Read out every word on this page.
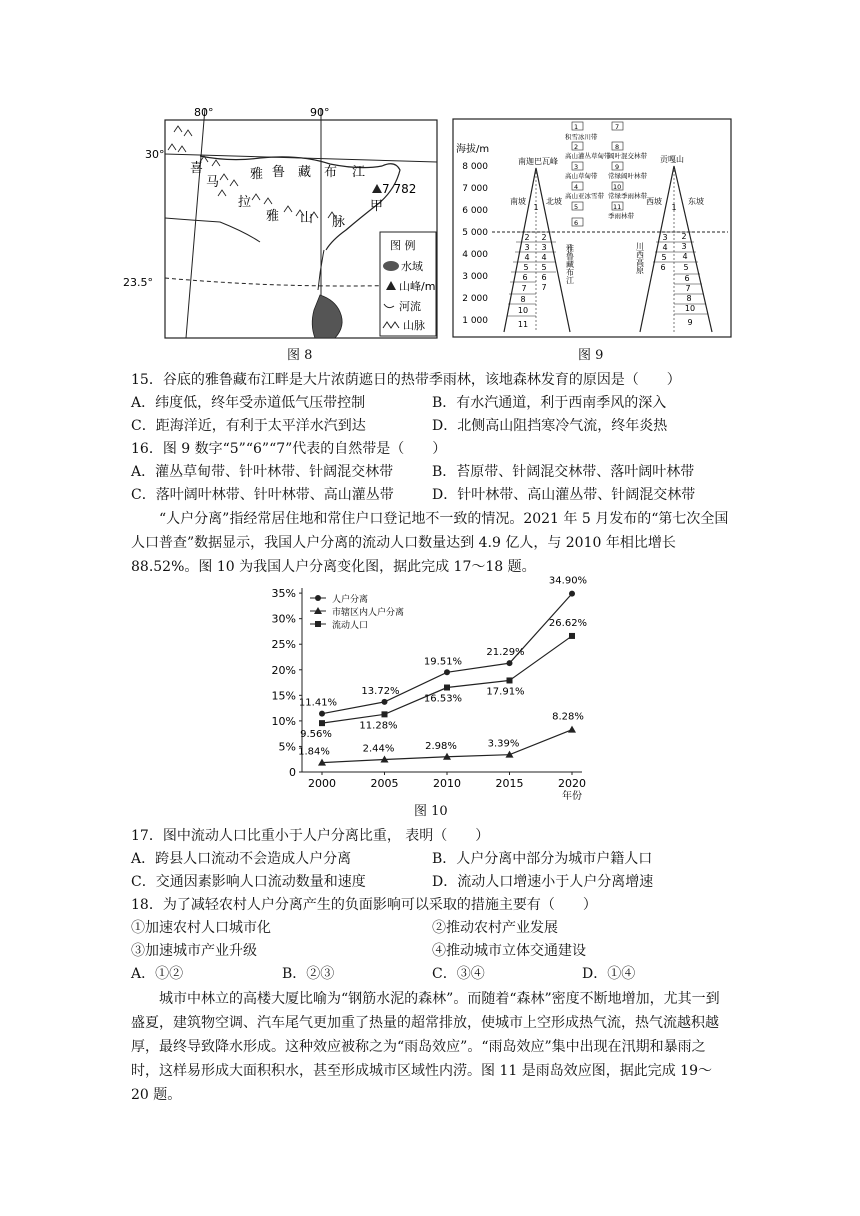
80°	90°
30°
23.5°
雅 鲁 藏 布 江
喜
马
拉
雅 山 脉
7 782
甲
图 例
水域
山峰/m
河流
山脉
图 8
海拔/m
8 000
7 000
6 000
5 000
4 000
3 000
2 000
1 000
1
2
3
4
5
6
7
8
10
11
2
3
4
5
6
7
南迦巴瓦峰
南坡	北坡
雅鲁藏布江
1
积雪冰川带
7
2
高山灌丛草甸带
8
阔叶混交林带
3
高山草甸带
9
常绿阔叶林带
4
高山亚冰雪带
10
常绿季雨林带
5	11
季雨林带
6
1
3
4
5
6
2
3
4
5
6
7
8
9
10
贡嘎山
西坡	东坡
川西高原
图 9
15．谷底的雅鲁藏布江畔是大片浓荫遮日的热带季雨林，该地森林发育的原因是（　　）
A．纬度低，终年受赤道低气压带控制	B．有水汽通道，利于西南季风的深入
C．距海洋近，有利于太平洋水汽到达	D．北侧高山阻挡寒冷气流，终年炎热
16．图 9 数字“5”“6”“7”代表的自然带是（　　）
A．灌丛草甸带、针叶林带、针阔混交林带	B．苔原带、针阔混交林带、落叶阔叶林带
C．落叶阔叶林带、针叶林带、高山灌丛带	D．针叶林带、高山灌丛带、针阔混交林带
“人户分离”指经常居住地和常住户口登记地不一致的情况。2021 年 5 月发布的“第七次全国人口普查”数据显示，我国人户分离的流动人口数量达到 4.9 亿人，与 2010 年相比增长 88.52%。图 10 为我国人户分离变化图，据此完成 17～18 题。
0
5%
10%
15%
20%
25%
30%
35%
2000	2005	2010	2015	2020
年份
11.41%
13.72%
19.51%
21.29%
34.90%
1.84%	2.44%	2.98%	3.39%
8.28%
9.56%
11.28%
16.53%
17.91%
26.62%
人户分离
市辖区内人户分离
流动人口
图 10
17．图中流动人口比重小于人户分离比重， 表明（　　）
A．跨县人口流动不会造成人户分离	B．人户分离中部分为城市户籍人口
C．交通因素影响人口流动数量和速度	D．流动人口增速小于人户分离增速
18．为了减轻农村人户分离产生的负面影响可以采取的措施主要有（　　）
①加速农村人口城市化	②推动农村产业发展
③加速城市产业升级	④推动城市立体交通建设
A．①②	B．②③	C．③④	D．①④
城市中林立的高楼大厦比喻为“钢筋水泥的森林”。而随着“森林”密度不断地增加，尤其一到盛夏，建筑物空调、汽车尾气更加重了热量的超常排放，使城市上空形成热气流，热气流越积越厚，最终导致降水形成。这种效应被称之为“雨岛效应”。“雨岛效应”集中出现在汛期和暴雨之时，这样易形成大面积积水，甚至形成城市区域性内涝。图 11 是雨岛效应图，据此完成 19～20 题。
